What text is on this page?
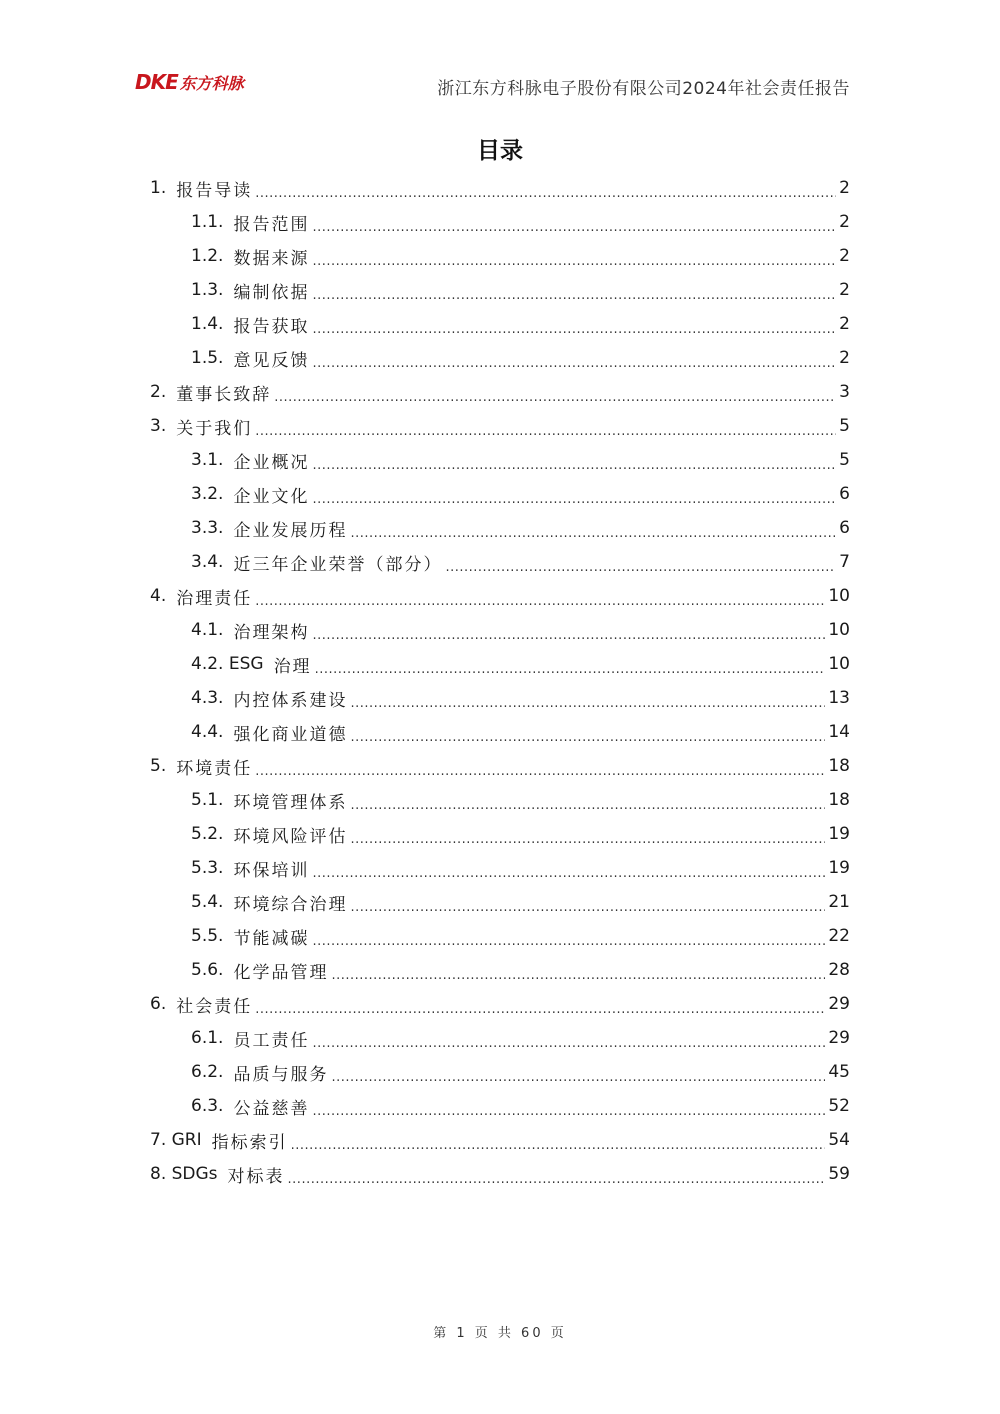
DKE 东方科脉	浙江东方科脉电子股份有限公司2024年社会责任报告
目录
1. 报告导读 .....	2
1.1. 报告范围 .....	2
1.2. 数据来源 .....	2
1.3. 编制依据 .....	2
1.4. 报告获取 .....	2
1.5. 意见反馈 .....	2
2. 董事长致辞 .....	3
3. 关于我们 .....	5
3.1. 企业概况 .....	5
3.2. 企业文化 .....	6
3.3. 企业发展历程 .....	6
3.4. 近三年企业荣誉（部分） .....	7
4. 治理责任 .....	10
4.1. 治理架构 .....	10
4.2. ESG 治理 .....	10
4.3. 内控体系建设 .....	13
4.4. 强化商业道德 .....	14
5. 环境责任 .....	18
5.1. 环境管理体系 .....	18
5.2. 环境风险评估 .....	19
5.3. 环保培训 .....	19
5.4. 环境综合治理 .....	21
5.5. 节能减碳 .....	22
5.6. 化学品管理 .....	28
6. 社会责任 .....	29
6.1. 员工责任 .....	29
6.2. 品质与服务 .....	45
6.3. 公益慈善 .....	52
7. GRI 指标索引 .....	54
8. SDGs 对标表 .....	59
第 1 页 共 60 页
